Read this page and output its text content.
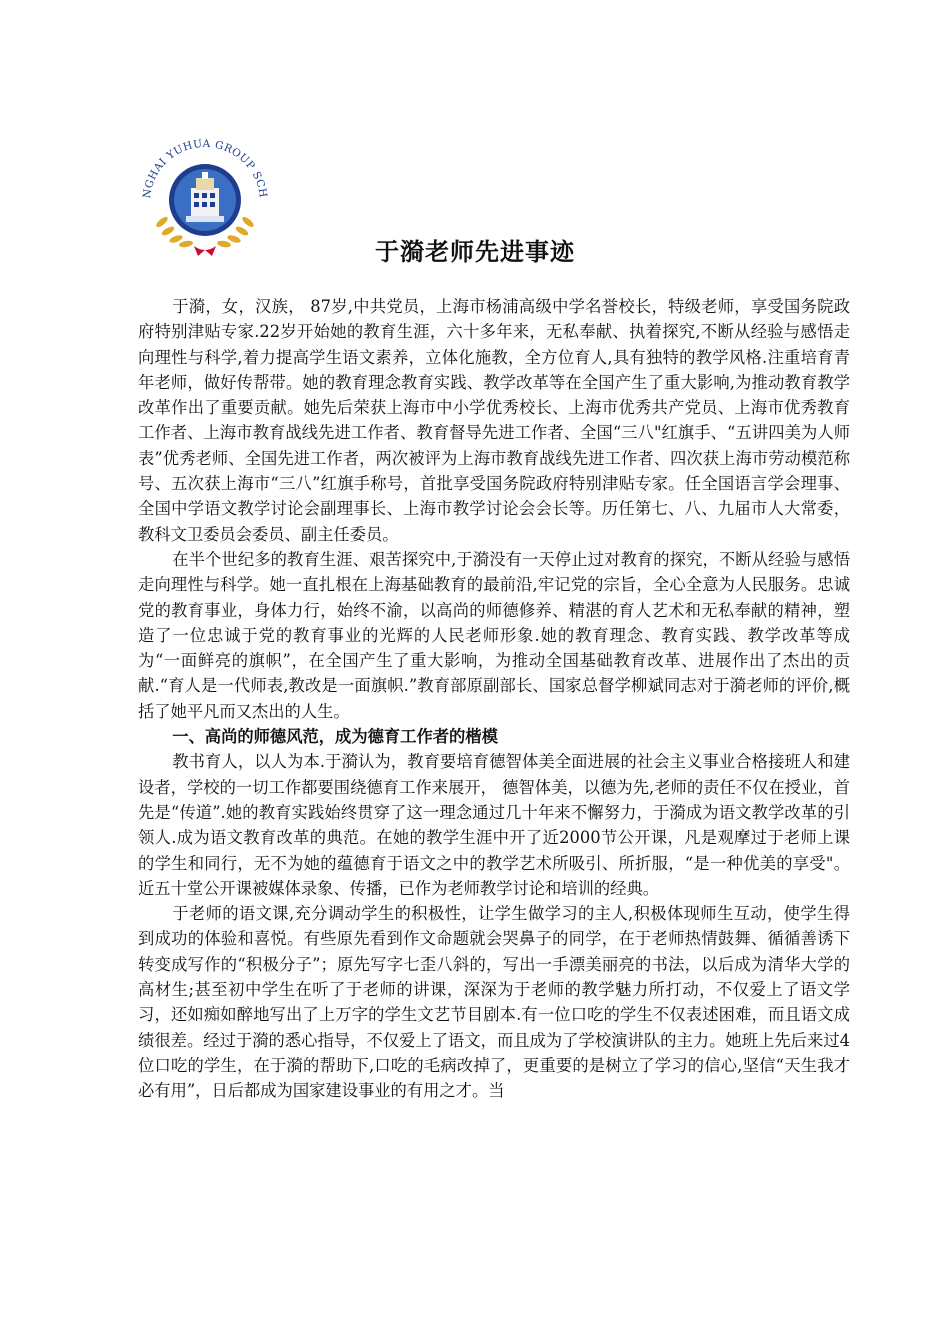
NGHAI YUHUA GROUP SCH
于漪老师先进事迹

于漪，女，汉族， 87岁,中共党员，上海市杨浦高级中学名誉校长，特级老师，享受国务院政府特别津贴专家.22岁开始她的教育生涯，六十多年来，无私奉献、执着探究,不断从经验与感悟走向理性与科学,着力提高学生语文素养，立体化施教，全方位育人,具有独特的教学风格.注重培育青年老师，做好传帮带。她的教育理念教育实践、教学改革等在全国产生了重大影响,为推动教育教学改革作出了重要贡献。她先后荣获上海市中小学优秀校长、上海市优秀共产党员、上海市优秀教育工作者、上海市教育战线先进工作者、教育督导先进工作者、全国“三八"红旗手、“五讲四美为人师表”优秀老师、全国先进工作者，两次被评为上海市教育战线先进工作者、四次获上海市劳动模范称号、五次获上海市“三八”红旗手称号，首批享受国务院政府特别津贴专家。任全国语言学会理事、全国中学语文教学讨论会副理事长、上海市教学讨论会会长等。历任第七、八、九届市人大常委，教科文卫委员会委员、副主任委员。

在半个世纪多的教育生涯、艰苦探究中,于漪没有一天停止过对教育的探究，不断从经验与感悟走向理性与科学。她一直扎根在上海基础教育的最前沿,牢记党的宗旨，全心全意为人民服务。忠诚党的教育事业，身体力行，始终不渝，以高尚的师德修养、精湛的育人艺术和无私奉献的精神，塑造了一位忠诚于党的教育事业的光辉的人民老师形象.她的教育理念、教育实践、教学改革等成为“一面鲜亮的旗帜”，在全国产生了重大影响，为推动全国基础教育改革、进展作出了杰出的贡献.“育人是一代师表,教改是一面旗帜.”教育部原副部长、国家总督学柳斌同志对于漪老师的评价,概括了她平凡而又杰出的人生。

一、高尚的师德风范，成为德育工作者的楷模

教书育人，以人为本.于漪认为，教育要培育德智体美全面进展的社会主义事业合格接班人和建设者，学校的一切工作都要围绕德育工作来展开， 德智体美，以德为先,老师的责任不仅在授业，首先是“传道”.她的教育实践始终贯穿了这一理念通过几十年来不懈努力，于漪成为语文教学改革的引领人.成为语文教育改革的典范。在她的教学生涯中开了近2000节公开课，凡是观摩过于老师上课的学生和同行，无不为她的蕴德育于语文之中的教学艺术所吸引、所折服，“是一种优美的享受"。近五十堂公开课被媒体录象、传播，已作为老师教学讨论和培训的经典。

于老师的语文课,充分调动学生的积极性，让学生做学习的主人,积极体现师生互动，使学生得到成功的体验和喜悦。有些原先看到作文命题就会哭鼻子的同学，在于老师热情鼓舞、循循善诱下转变成写作的“积极分子”；原先写字七歪八斜的，写出一手漂美丽亮的书法，以后成为清华大学的高材生;甚至初中学生在听了于老师的讲课，深深为于老师的教学魅力所打动，不仅爱上了语文学习，还如痴如醉地写出了上万字的学生文艺节目剧本.有一位口吃的学生不仅表述困难，而且语文成绩很差。经过于漪的悉心指导，不仅爱上了语文，而且成为了学校演讲队的主力。她班上先后来过4位口吃的学生，在于漪的帮助下,口吃的毛病改掉了，更重要的是树立了学习的信心,坚信“天生我才必有用”，日后都成为国家建设事业的有用之才。当
